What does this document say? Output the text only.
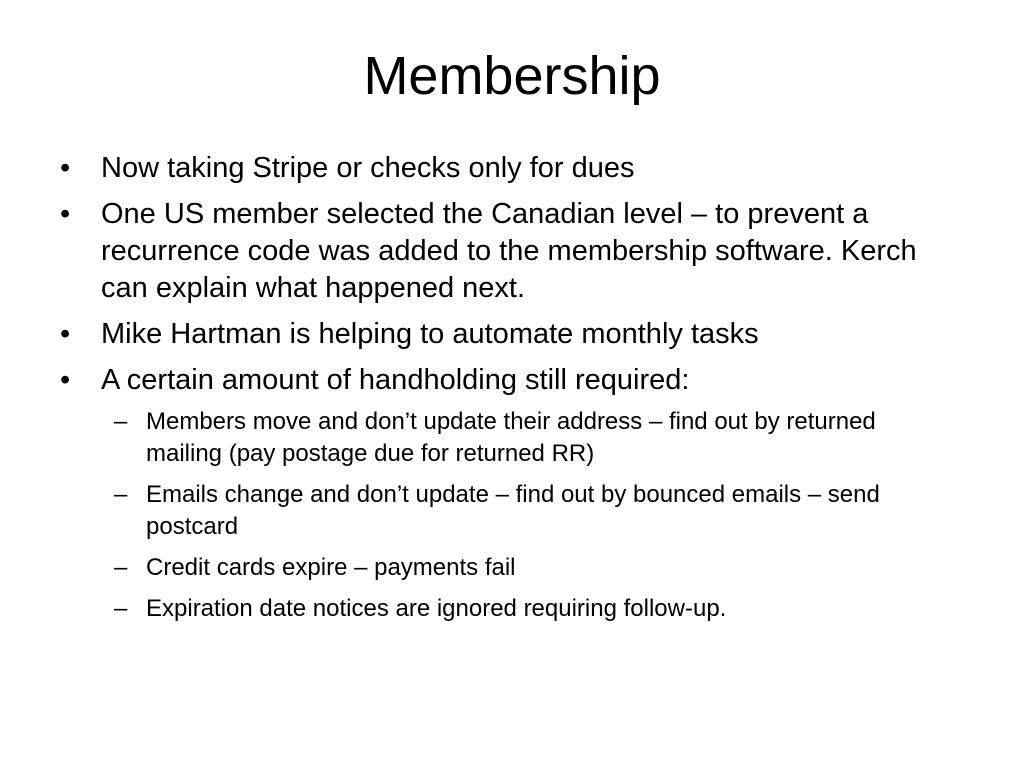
Membership
•	Now taking Stripe or checks only for dues
•	One US member selected the Canadian level – to prevent a recurrence code was added to the membership software. Kerch can explain what happened next.
•	Mike Hartman is helping to automate monthly tasks
•	A certain amount of handholding still required:
– Members move and don’t update their address – find out by returned mailing (pay postage due for returned RR)
– Emails change and don’t update – find out by bounced emails – send postcard
– Credit cards expire – payments fail
– Expiration date notices are ignored requiring follow-up.
